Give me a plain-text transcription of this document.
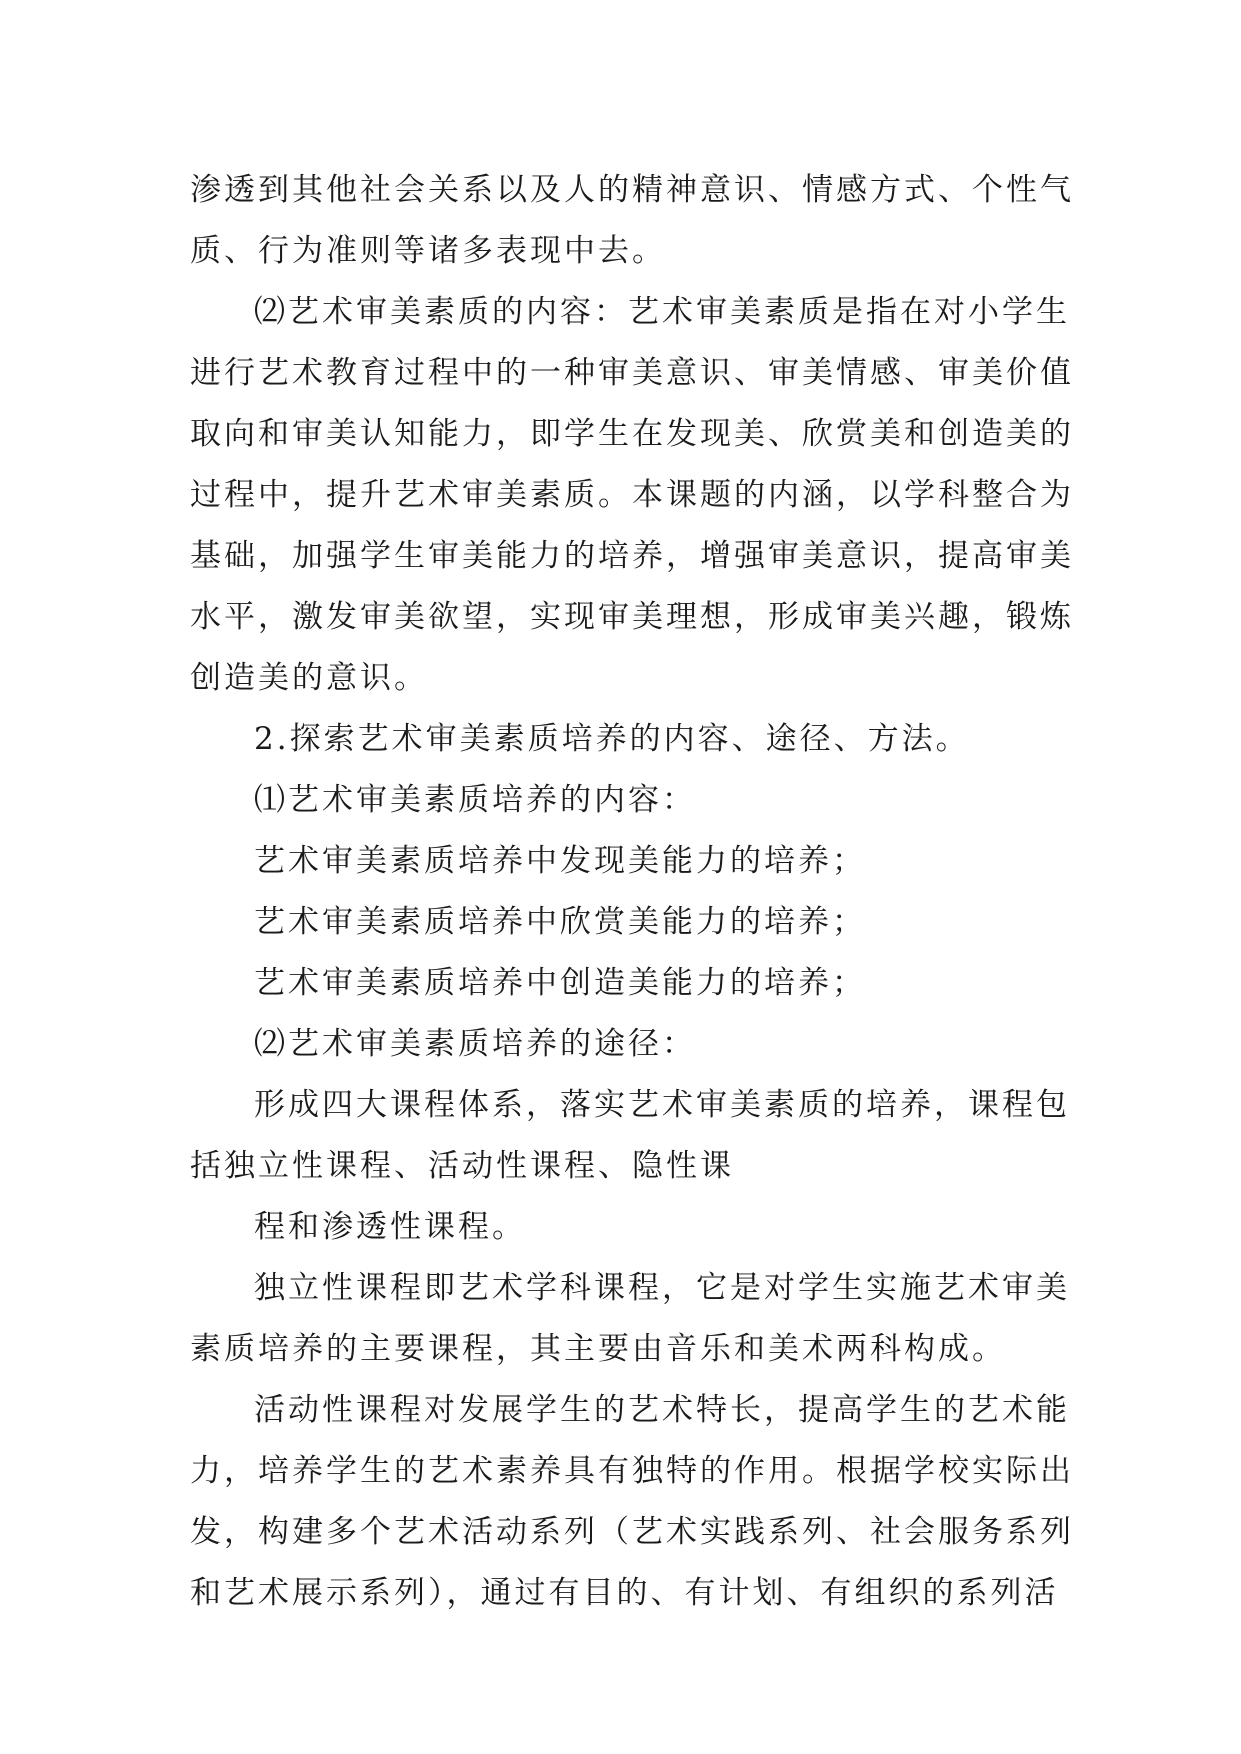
渗透到其他社会关系以及人的精神意识、情感方式、个性气
质、行为准则等诸多表现中去。
⑵艺术审美素质的内容：艺术审美素质是指在对小学生
进行艺术教育过程中的一种审美意识、审美情感、审美价值
取向和审美认知能力，即学生在发现美、欣赏美和创造美的
过程中，提升艺术审美素质。本课题的内涵，以学科整合为
基础，加强学生审美能力的培养，增强审美意识，提高审美
水平，激发审美欲望，实现审美理想，形成审美兴趣，锻炼
创造美的意识。
2.探索艺术审美素质培养的内容、途径、方法。
⑴艺术审美素质培养的内容：
艺术审美素质培养中发现美能力的培养；
艺术审美素质培养中欣赏美能力的培养；
艺术审美素质培养中创造美能力的培养；
⑵艺术审美素质培养的途径：
形成四大课程体系，落实艺术审美素质的培养，课程包
括独立性课程、活动性课程、隐性课
程和渗透性课程。
独立性课程即艺术学科课程，它是对学生实施艺术审美
素质培养的主要课程，其主要由音乐和美术两科构成。
活动性课程对发展学生的艺术特长，提高学生的艺术能
力，培养学生的艺术素养具有独特的作用。根据学校实际出
发，构建多个艺术活动系列（艺术实践系列、社会服务系列
和艺术展示系列），通过有目的、有计划、有组织的系列活
